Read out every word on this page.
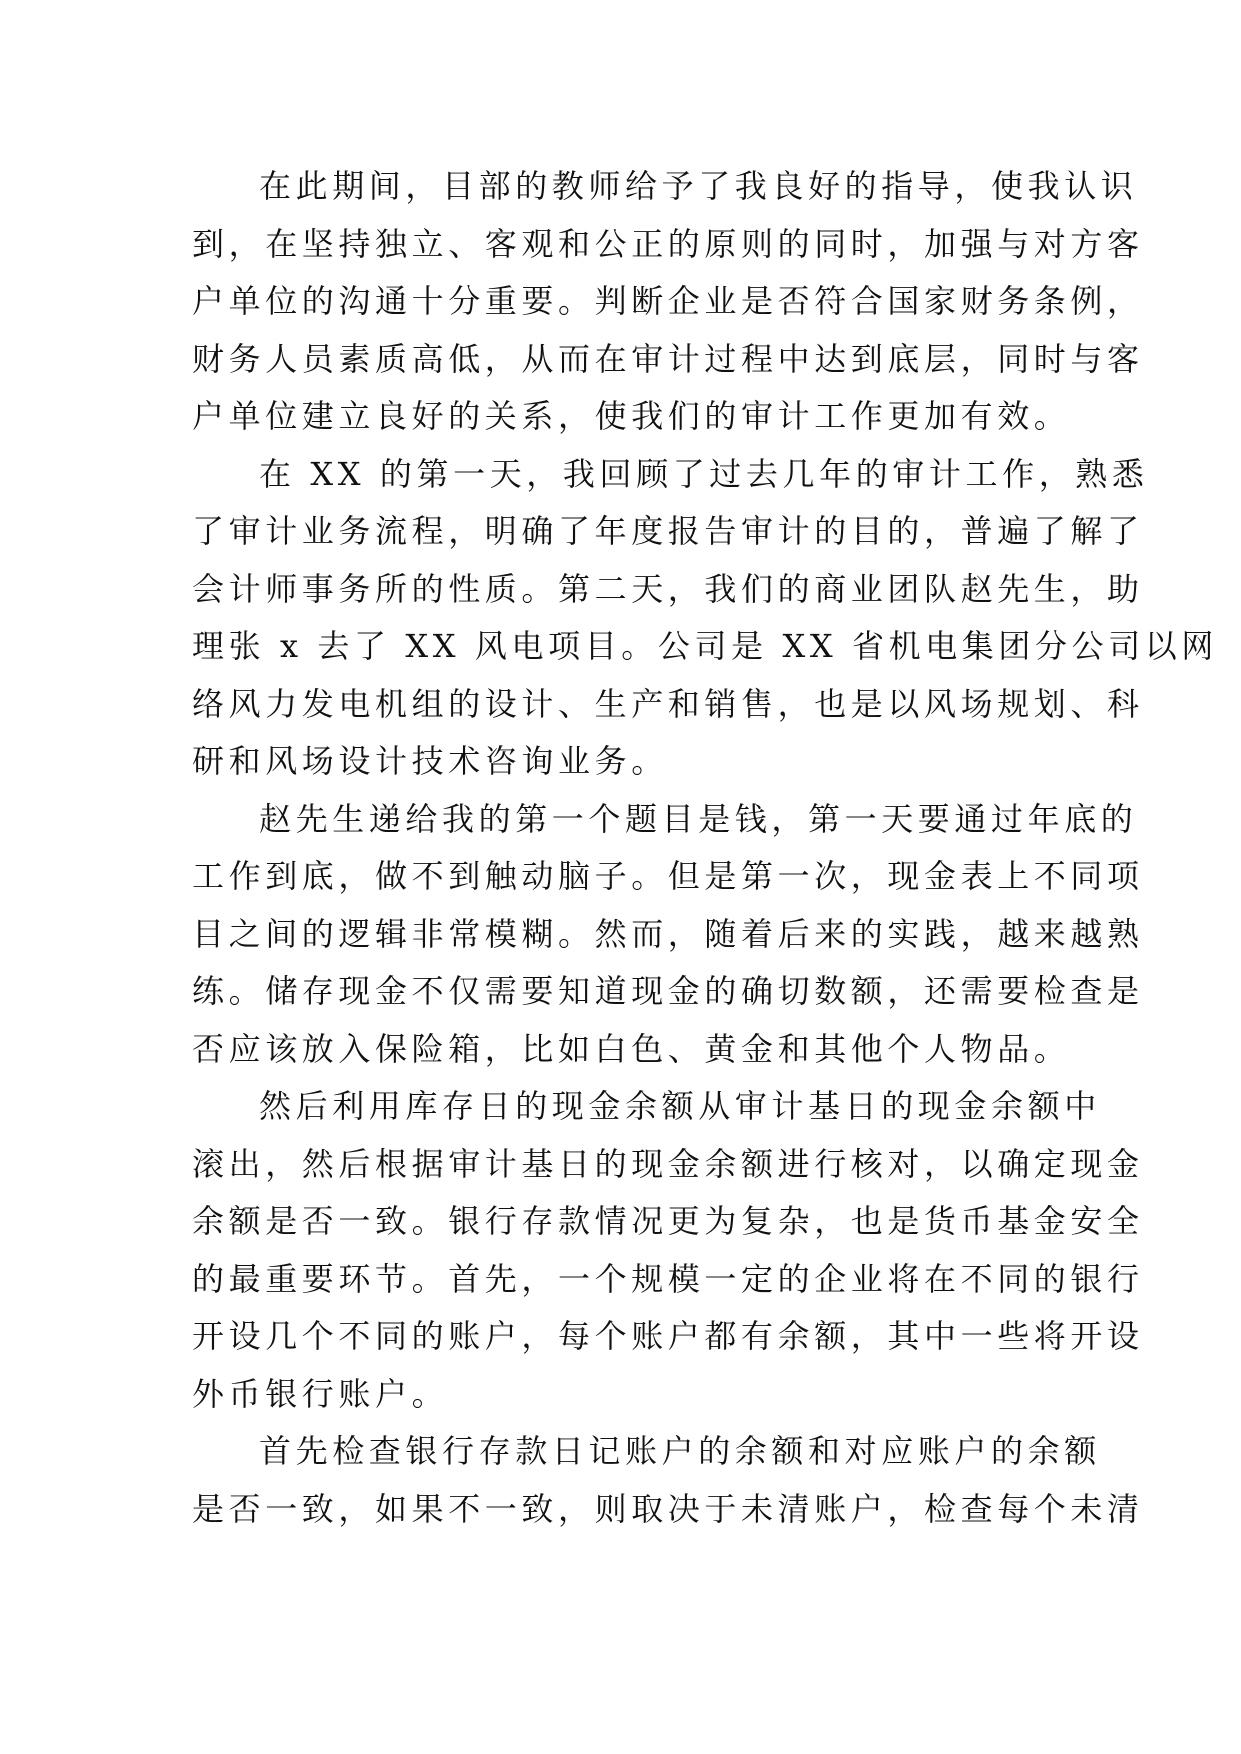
在此期间，目部的教师给予了我良好的指导，使我认识
到，在坚持独立、客观和公正的原则的同时，加强与对方客
户单位的沟通十分重要。判断企业是否符合国家财务条例，
财务人员素质高低，从而在审计过程中达到底层，同时与客
户单位建立良好的关系，使我们的审计工作更加有效。
在 XX 的第一天，我回顾了过去几年的审计工作，熟悉
了审计业务流程，明确了年度报告审计的目的，普遍了解了
会计师事务所的性质。第二天，我们的商业团队赵先生，助
理张 x 去了 XX 风电项目。公司是 XX 省机电集团分公司以网
络风力发电机组的设计、生产和销售，也是以风场规划、科
研和风场设计技术咨询业务。
赵先生递给我的第一个题目是钱，第一天要通过年底的
工作到底，做不到触动脑子。但是第一次，现金表上不同项
目之间的逻辑非常模糊。然而，随着后来的实践，越来越熟
练。储存现金不仅需要知道现金的确切数额，还需要检查是
否应该放入保险箱，比如白色、黄金和其他个人物品。
然后利用库存日的现金余额从审计基日的现金余额中
滚出，然后根据审计基日的现金余额进行核对，以确定现金
余额是否一致。银行存款情况更为复杂，也是货币基金安全
的最重要环节。首先，一个规模一定的企业将在不同的银行
开设几个不同的账户，每个账户都有余额，其中一些将开设
外币银行账户。
首先检查银行存款日记账户的余额和对应账户的余额
是否一致，如果不一致，则取决于未清账户，检查每个未清
